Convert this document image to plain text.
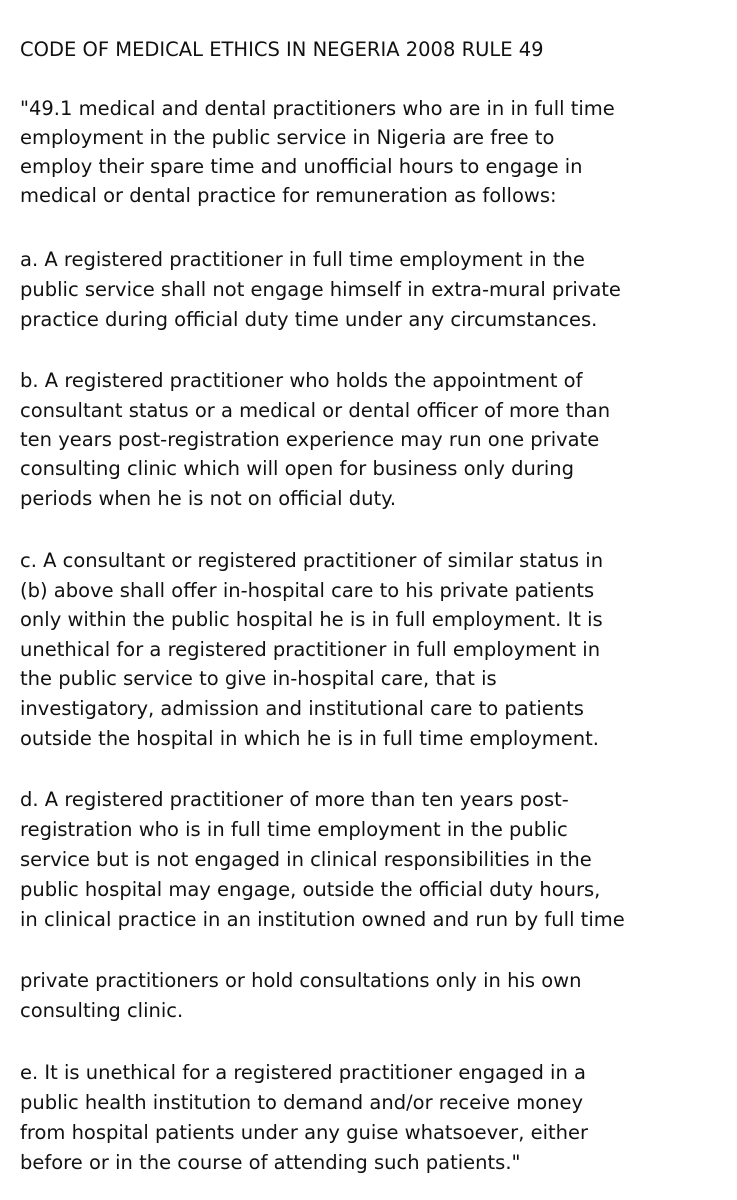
CODE OF MEDICAL ETHICS IN NEGERIA 2008 RULE 49
"49.1 medical and dental practitioners who are in in full time
employment in the public service in Nigeria are free to
employ their spare time and unofficial hours to engage in
medical or dental practice for remuneration as follows:
a. A registered practitioner in full time employment in the
public service shall not engage himself in extra-mural private
practice during official duty time under any circumstances.
b. A registered practitioner who holds the appointment of
consultant status or a medical or dental officer of more than
ten years post-registration experience may run one private
consulting clinic which will open for business only during
periods when he is not on official duty.
c. A consultant or registered practitioner of similar status in
(b) above shall offer in-hospital care to his private patients
only within the public hospital he is in full employment. It is
unethical for a registered practitioner in full employment in
the public service to give in-hospital care, that is
investigatory, admission and institutional care to patients
outside the hospital in which he is in full time employment.
d. A registered practitioner of more than ten years post-
registration who is in full time employment in the public
service but is not engaged in clinical responsibilities in the
public hospital may engage, outside the official duty hours,
in clinical practice in an institution owned and run by full time
private practitioners or hold consultations only in his own
consulting clinic.
e. It is unethical for a registered practitioner engaged in a
public health institution to demand and/or receive money
from hospital patients under any guise whatsoever, either
before or in the course of attending such patients."
